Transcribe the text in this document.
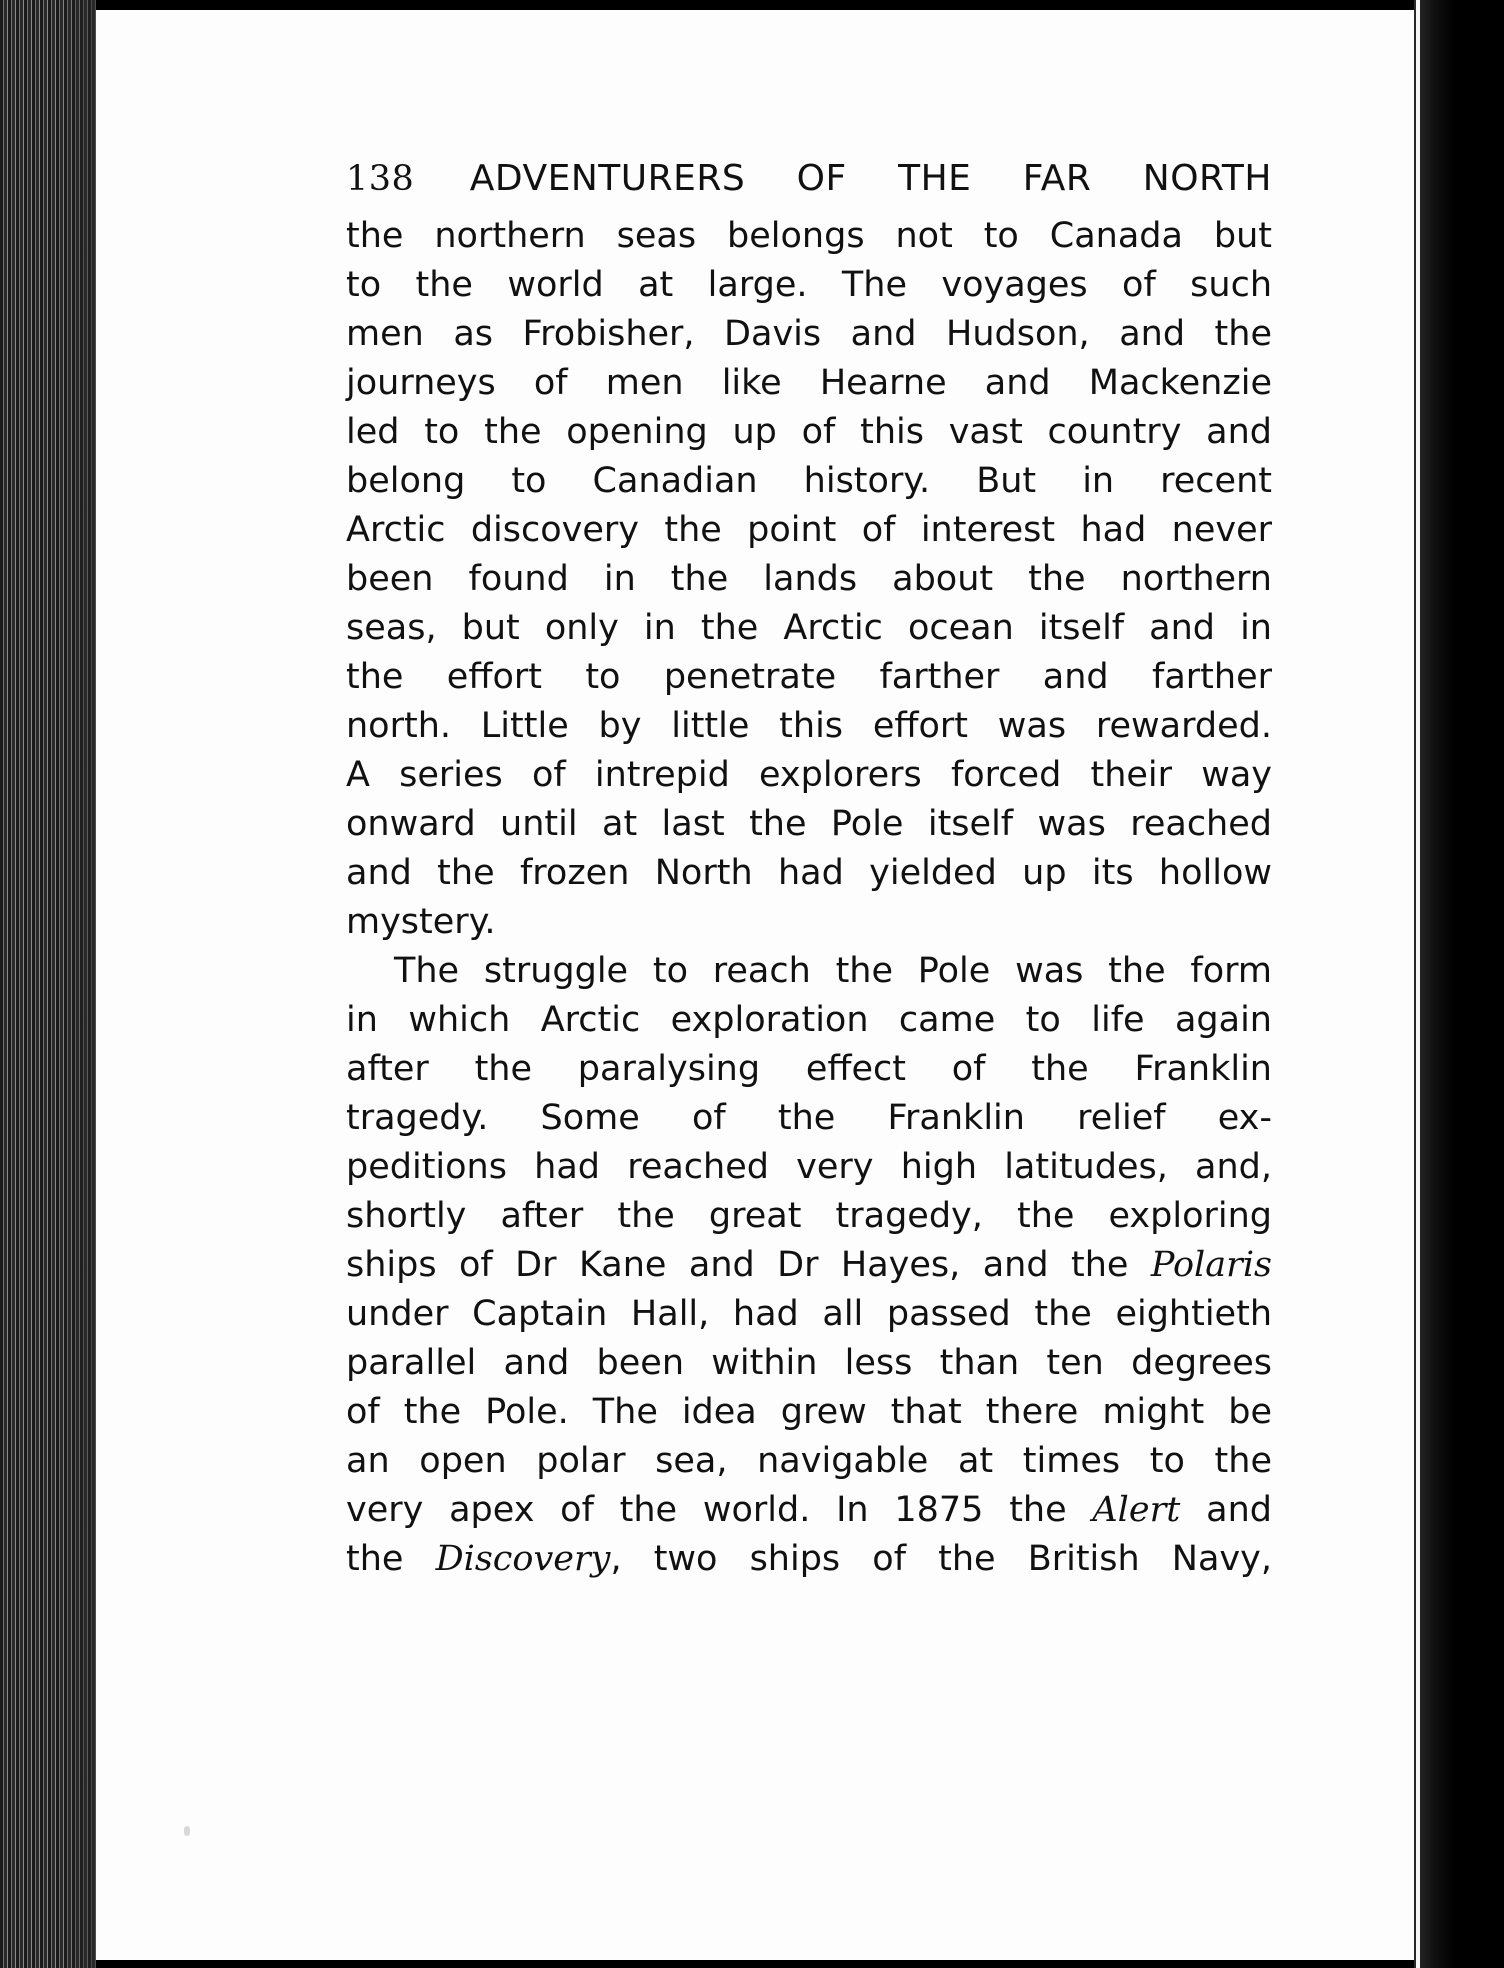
138 ADVENTURERS OF THE FAR NORTH
the northern seas belongs not to Canada but
to the world at large. The voyages of such
men as Frobisher, Davis and Hudson, and the
journeys of men like Hearne and Mackenzie
led to the opening up of this vast country and
belong to Canadian history. But in recent
Arctic discovery the point of interest had never
been found in the lands about the northern
seas, but only in the Arctic ocean itself and in
the effort to penetrate farther and farther
north. Little by little this effort was rewarded.
A series of intrepid explorers forced their way
onward until at last the Pole itself was reached
and the frozen North had yielded up its hollow
mystery.
The struggle to reach the Pole was the form
in which Arctic exploration came to life again
after the paralysing effect of the Franklin
tragedy. Some of the Franklin relief ex-
peditions had reached very high latitudes, and,
shortly after the great tragedy, the exploring
ships of Dr Kane and Dr Hayes, and the Polaris
under Captain Hall, had all passed the eightieth
parallel and been within less than ten degrees
of the Pole. The idea grew that there might be
an open polar sea, navigable at times to the
very apex of the world. In 1875 the Alert and
the Discovery, two ships of the British Navy,
